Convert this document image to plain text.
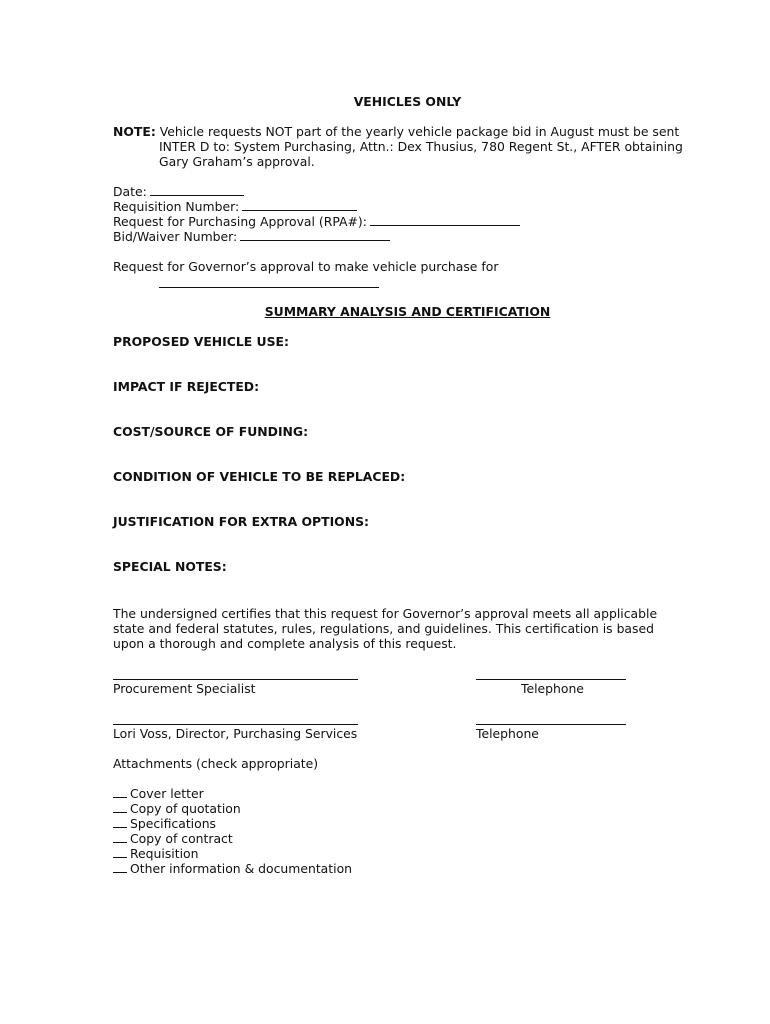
VEHICLES ONLY
NOTE: Vehicle requests NOT part of the yearly vehicle package bid in August must be sent
INTER D to: System Purchasing, Attn.: Dex Thusius, 780 Regent St., AFTER obtaining
Gary Graham’s approval.
Date:
Requisition Number:
Request for Purchasing Approval (RPA#):
Bid/Waiver Number:
Request for Governor’s approval to make vehicle purchase for
SUMMARY ANALYSIS AND CERTIFICATION
PROPOSED VEHICLE USE:
IMPACT IF REJECTED:
COST/SOURCE OF FUNDING:
CONDITION OF VEHICLE TO BE REPLACED:
JUSTIFICATION FOR EXTRA OPTIONS:
SPECIAL NOTES:
The undersigned certifies that this request for Governor’s approval meets all applicable
state and federal statutes, rules, regulations, and guidelines. This certification is based
upon a thorough and complete analysis of this request.
Procurement Specialist	Telephone
Lori Voss, Director, Purchasing Services	Telephone
Attachments (check appropriate)
Cover letter
Copy of quotation
Specifications
Copy of contract
Requisition
Other information & documentation
